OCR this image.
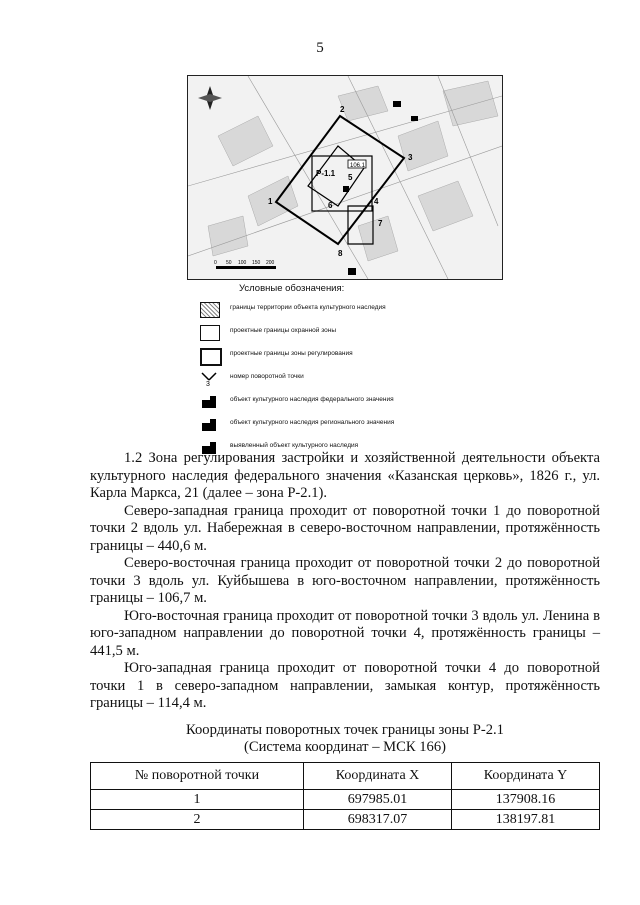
5
106.1
Р-1.1
1
2
3
4
5
6
7
8
0 50 100 150 200
Условные обозначения:
границы территории объекта культурного наследия
проектные границы охранной зоны
проектные границы зоны регулирования
3
номер поворотной точки
объект культурного наследия федерального значения
объект культурного наследия регионального значения
выявленный объект культурного наследия

1.2 Зона регулирования застройки и хозяйственной деятельности объекта культурного наследия федерального значения «Казанская церковь», 1826 г., ул. Карла Маркса, 21 (далее – зона Р-2.1).

Северо-западная граница проходит от поворотной точки 1 до поворотной точки 2 вдоль ул. Набережная в северо-восточном направлении, протяжённость границы – 440,6 м.

Северо-восточная граница проходит от поворотной точки 2 до поворотной точки 3 вдоль ул. Куйбышева в юго-восточном направлении, протяжённость границы – 106,7 м.

Юго-восточная граница проходит от поворотной точки 3 вдоль ул. Ленина в юго-западном направлении до поворотной точки 4, протяжённость границы – 441,5 м.

Юго-западная граница проходит от поворотной точки 4 до поворотной точки 1 в северо-западном направлении, замыкая контур, протяжённость границы – 114,4 м.

Координаты поворотных точек границы зоны Р-2.1
(Система координат – МСК 166)
№ поворотной точки	Координата X	Координата Y
1	697985.01	137908.16
2	698317.07	138197.81
